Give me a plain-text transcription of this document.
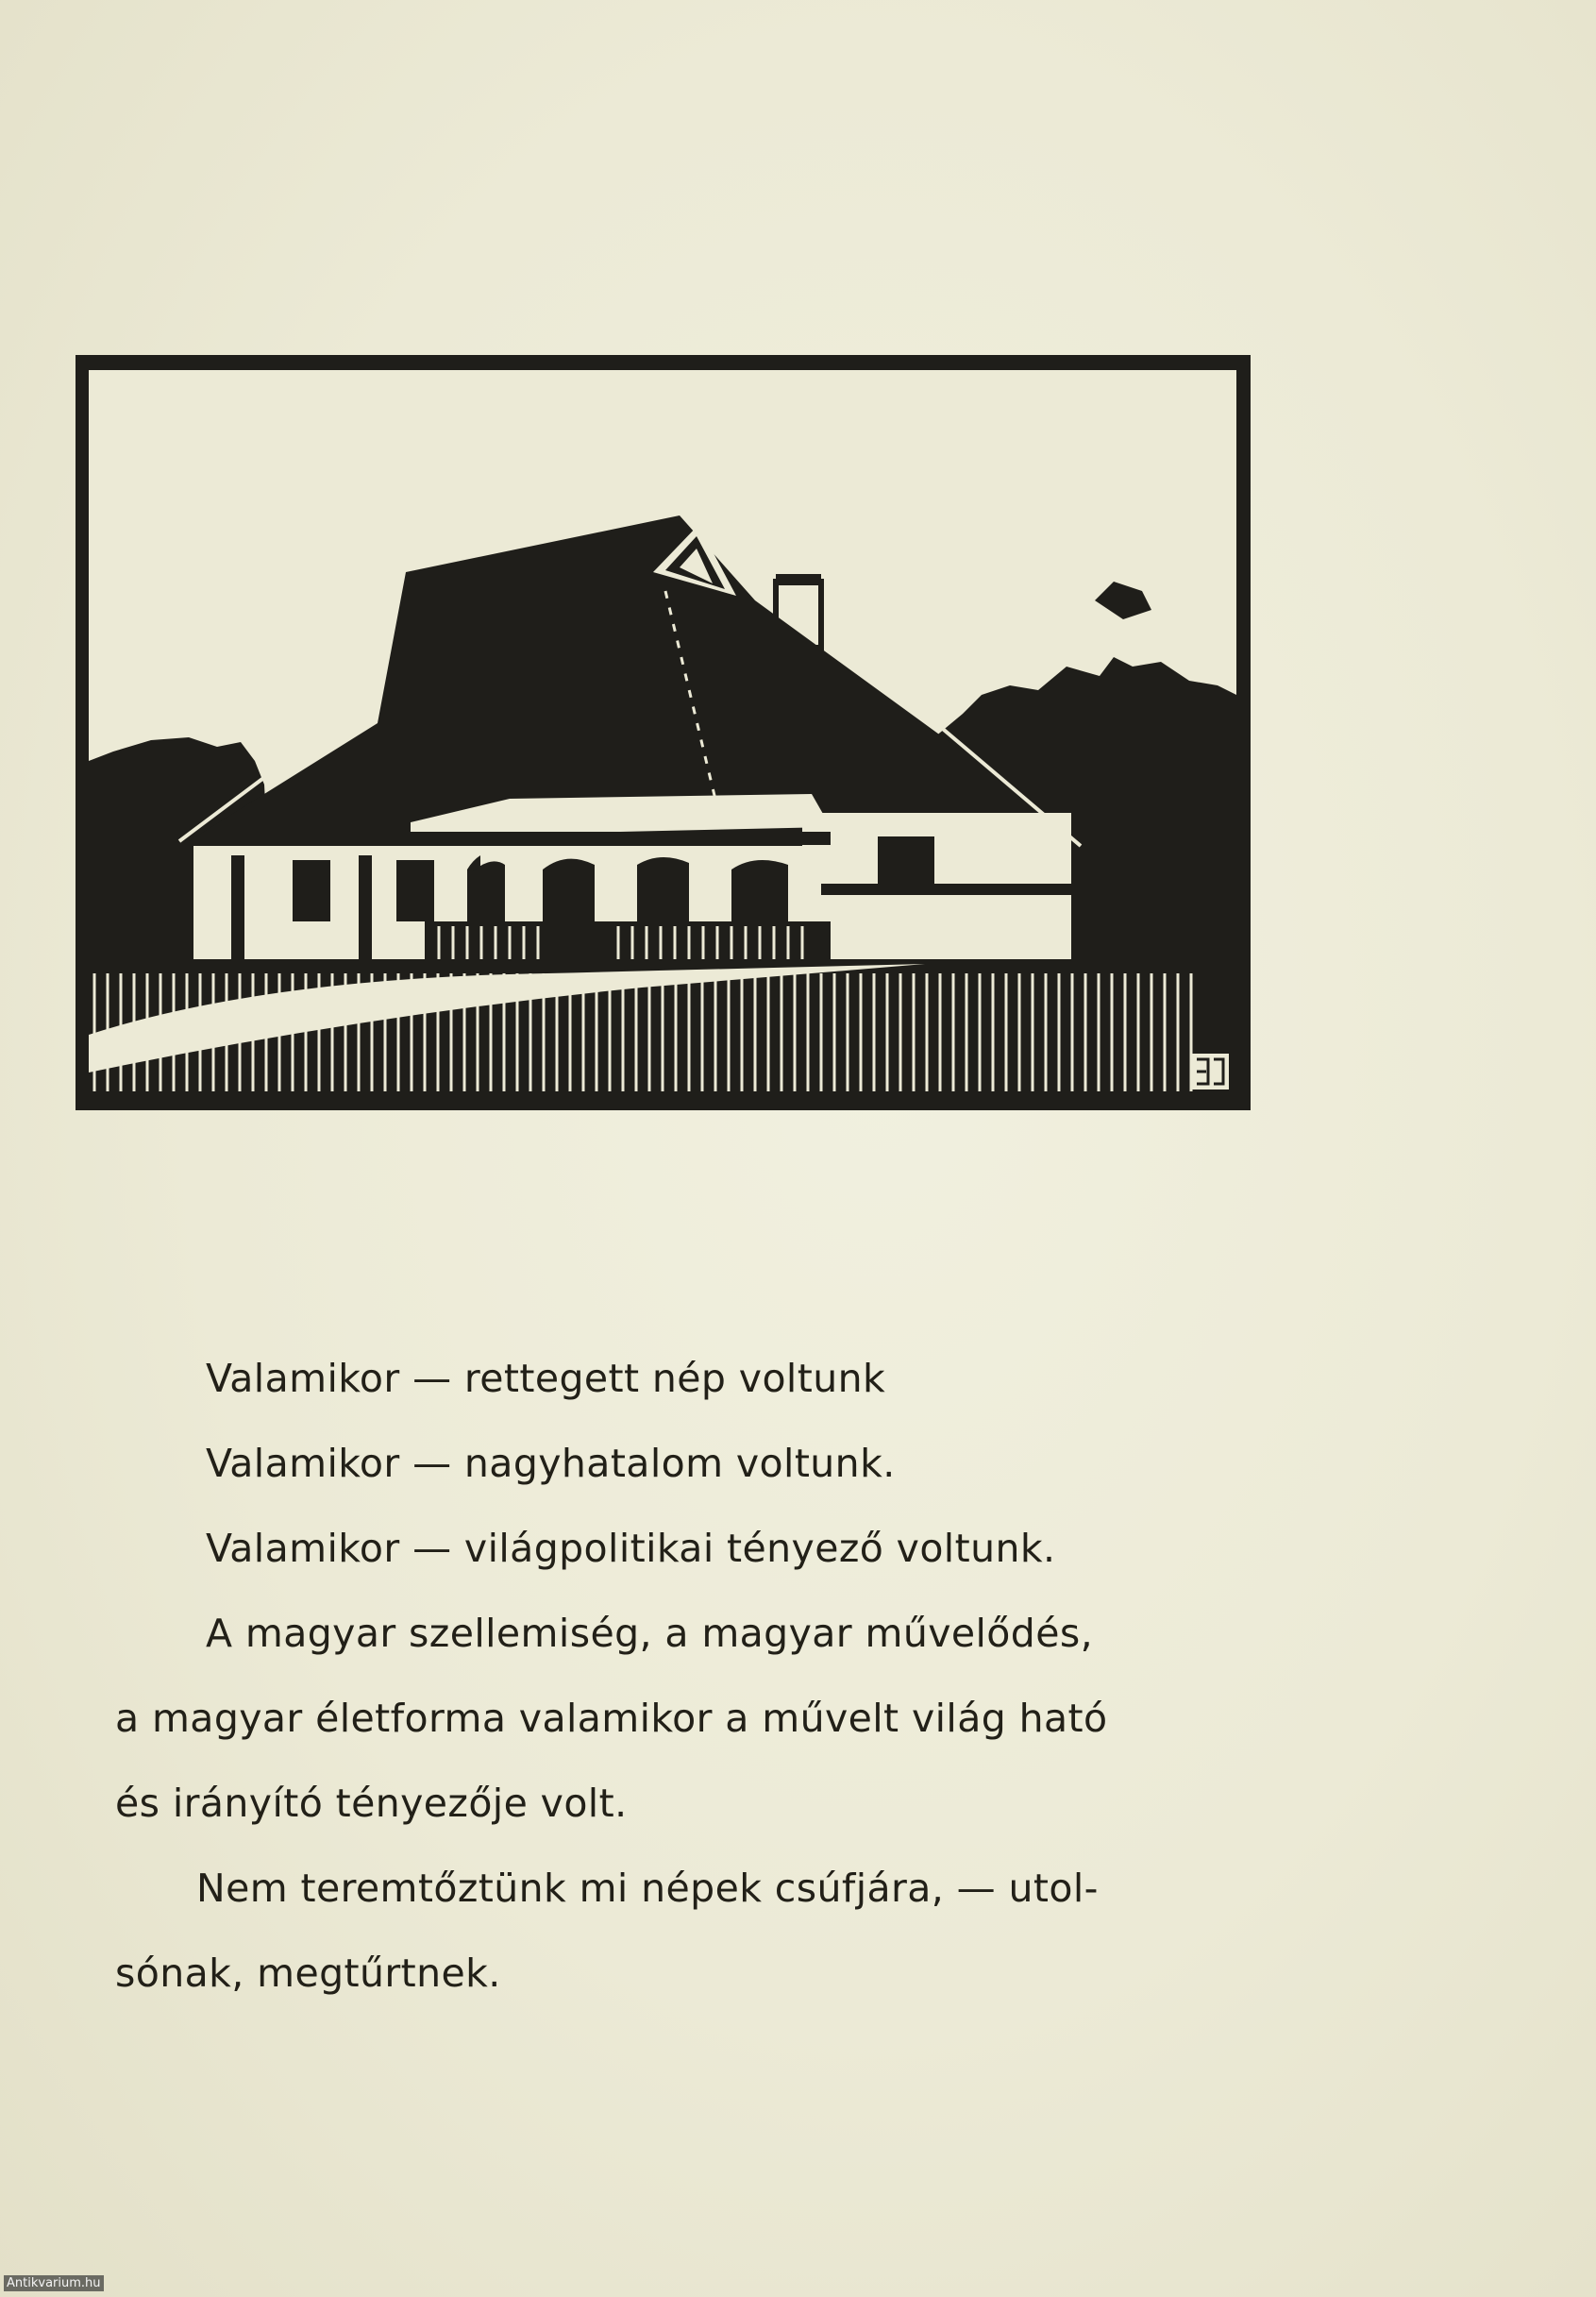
Valamikor — rettegett nép voltunk
Valamikor — nagyhatalom voltunk.
Valamikor — világpolitikai tényező voltunk.
A magyar szellemiség, a magyar művelődés,
a magyar életforma valamikor a művelt világ ható
és irányító tényezője volt.
Nem teremtőztünk mi népek csúfjára, — utol-
sónak, megtűrtnek.
Antikvarium.hu
